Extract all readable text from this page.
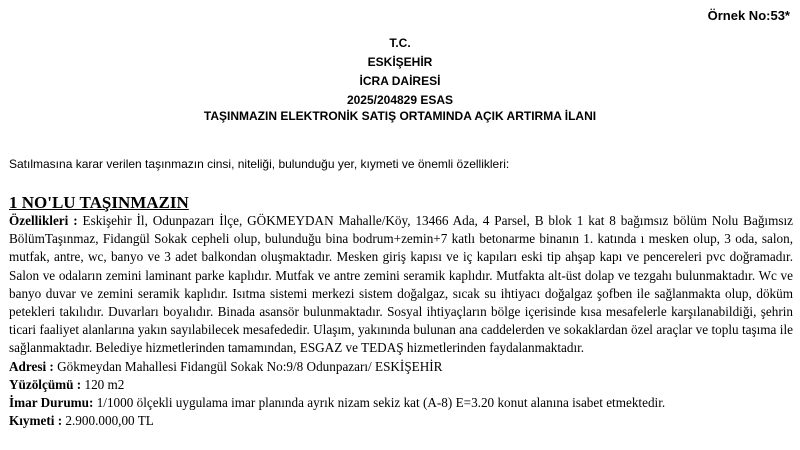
Örnek No:53*
T.C.
ESKİŞEHİR
İCRA DAİRESİ
2025/204829 ESAS
TAŞINMAZIN ELEKTRONİK SATIŞ ORTAMINDA AÇIK ARTIRMA İLANI
Satılmasına karar verilen taşınmazın cinsi, niteliği, bulunduğu yer, kıymeti ve önemli özellikleri:
1 NO'LU TAŞINMAZIN

Özellikleri : Eskişehir İl, Odunpazarı İlçe, GÖKMEYDAN Mahalle/Köy, 13466 Ada, 4 Parsel, B blok 1 kat 8 bağımsız bölüm Nolu Bağımsız BölümTaşınmaz, Fidangül Sokak cepheli olup, bulunduğu bina bodrum+zemin+7 katlı betonarme binanın 1. katında ı mesken olup, 3 oda, salon, mutfak, antre, wc, banyo ve 3 adet balkondan oluşmaktadır. Mesken giriş kapısı ve iç kapıları eski tip ahşap kapı ve pencereleri pvc doğramadır. Salon ve odaların zemini laminant parke kaplıdır. Mutfak ve antre zemini seramik kaplıdır. Mutfakta alt-üst dolap ve tezgahı bulunmaktadır. Wc ve banyo duvar ve zemini seramik kaplıdır. Isıtma sistemi merkezi sistem doğalgaz, sıcak su ihtiyacı doğalgaz şofben ile sağlanmakta olup, döküm petekleri takılıdır. Duvarları boyalıdır. Binada asansör bulunmaktadır. Sosyal ihtiyaçların bölge içerisinde kısa mesafelerle karşılanabildiği, şehrin ticari faaliyet alanlarına yakın sayılabilecek mesafededir. Ulaşım, yakınında bulunan ana caddelerden ve sokaklardan özel araçlar ve toplu taşıma ile sağlanmaktadır. Belediye hizmetlerinden tamamından, ESGAZ ve TEDAŞ hizmetlerinden faydalanmaktadır.

Adresi : Gökmeydan Mahallesi Fidangül Sokak No:9/8 Odunpazarı/ ESKİŞEHİR

Yüzölçümü : 120 m2

İmar Durumu: 1/1000 ölçekli uygulama imar planında ayrık nizam sekiz kat (A-8) E=3.20 konut alanına isabet etmektedir.

Kıymeti : 2.900.000,00 TL
